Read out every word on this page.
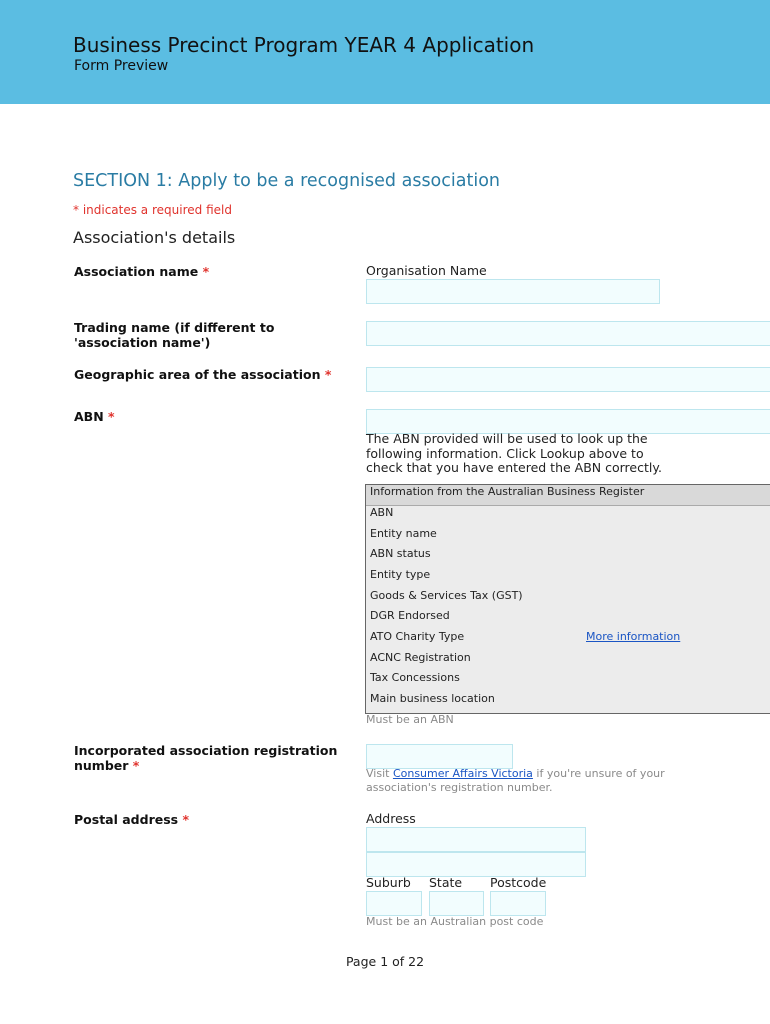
Business Precinct Program YEAR 4 Application
Form Preview
SECTION 1: Apply to be a recognised association
* indicates a required field
Association's details
Association name *	Organisation Name
Trading name (if different to 'association name')
Geographic area of the association *
ABN *
The ABN provided will be used to look up the following information. Click Lookup above to check that you have entered the ABN correctly.
Information from the Australian Business Register
ABN
Entity name
ABN status
Entity type
Goods & Services Tax (GST)
DGR Endorsed
ATO Charity Type	More information
ACNC Registration
Tax Concessions
Main business location
Must be an ABN
Incorporated association registration number *
Visit Consumer Affairs Victoria if you're unsure of your association's registration number.
Postal address *	Address
Suburb State Postcode
Must be an Australian post code
Page 1 of 22
